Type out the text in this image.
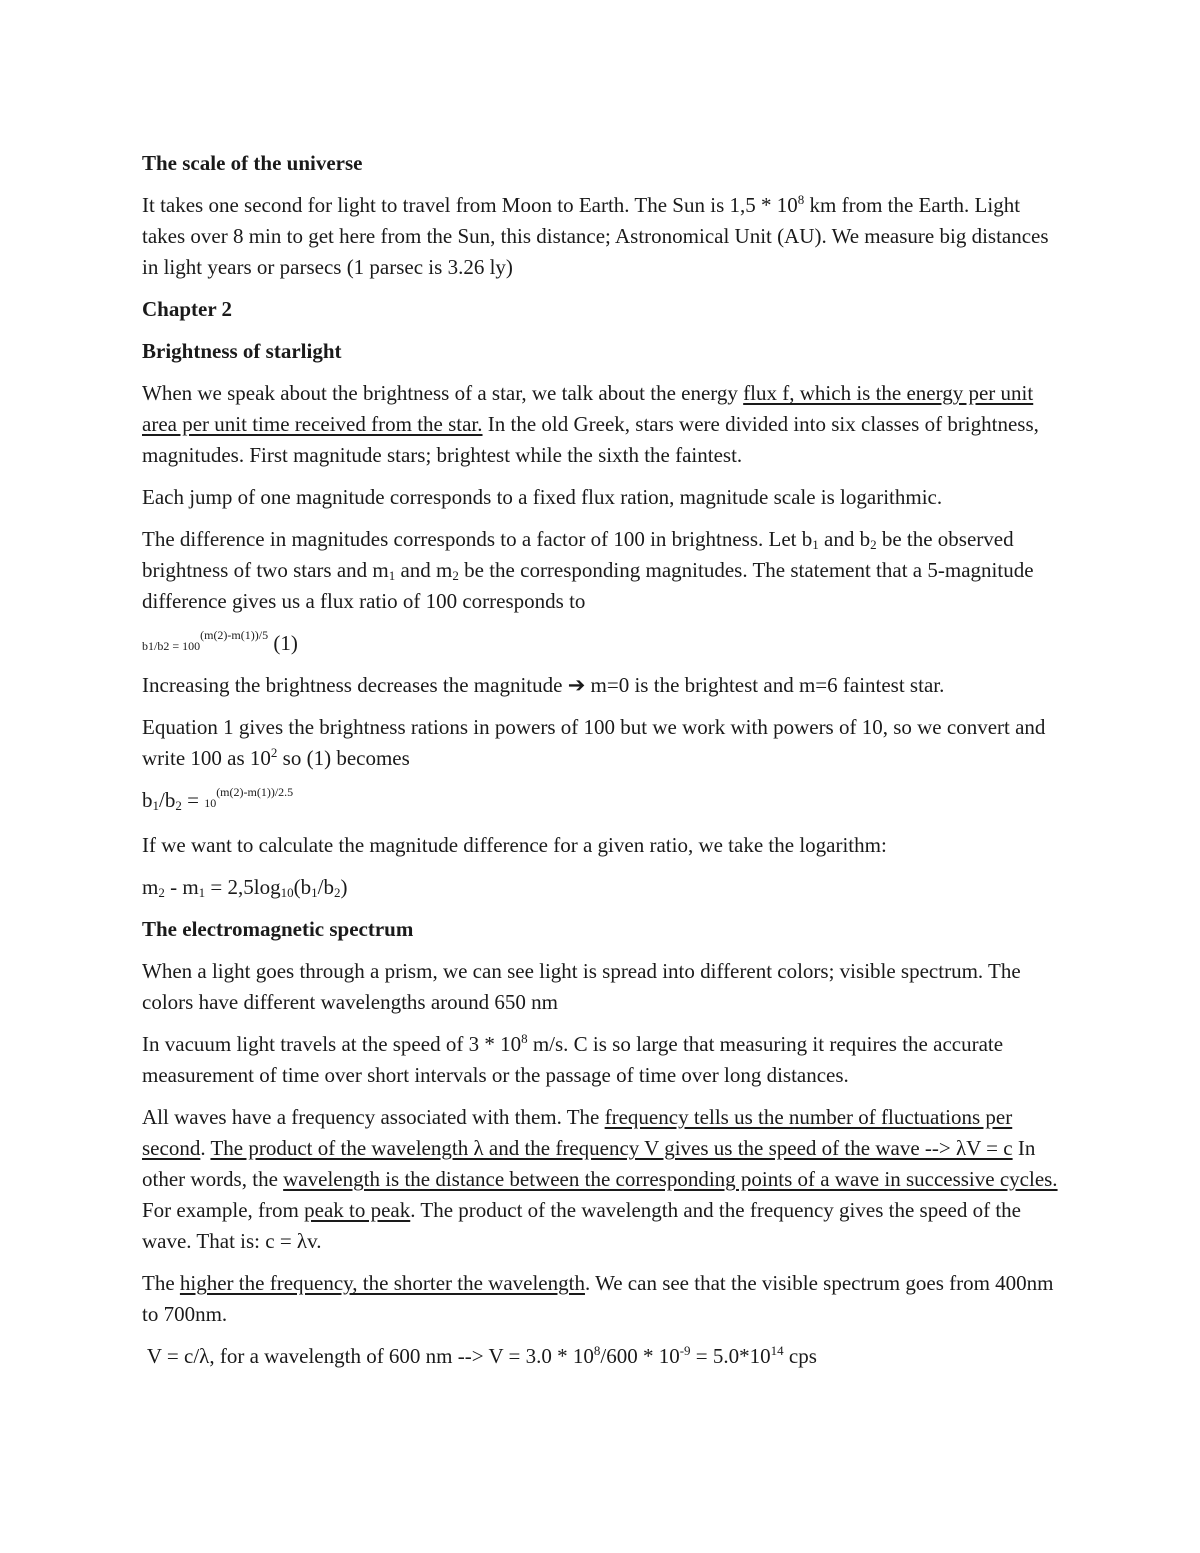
The scale of the universe

It takes one second for light to travel from Moon to Earth. The Sun is $1,5 * 10^8$ km from the Earth. Light takes over 8 min to get here from the Sun, this distance; Astronomical Unit (AU). We measure big distances in light years or parsecs (1 parsec is 3.26 ly)

Chapter 2
Brightness of starlight

When we speak about the brightness of a star, we talk about the energy flux f, which is the energy per unit area per unit time received from the star. In the old Greek, stars were divided into six classes of brightness, magnitudes. First magnitude stars; brightest while the sixth the faintest.

Each jump of one magnitude corresponds to a fixed flux ration, magnitude scale is logarithmic.

The difference in magnitudes corresponds to a factor of 100 in brightness. Let $b_1$ and $b_2$ be the observed brightness of two stars and $m_1$ and $m_2$ be the corresponding magnitudes. The statement that a 5-magnitude difference gives us a flux ratio of 100 corresponds to

$b1/b2 = 100^{(m(2)-m(1))/5}$ (1)

Increasing the brightness decreases the magnitude ➔ m=0 is the brightest and m=6 faintest star.

Equation 1 gives the brightness rations in powers of 100 but we work with powers of 10, so we convert and write 100 as $10^2$ so (1) becomes

$b_1/b_2 = 10^{(m(2)-m(1))/2.5}$

If we want to calculate the magnitude difference for a given ratio, we take the logarithm:

$m_2 - m_1 = 2,5\log_{10}(b_1/b_2)$

The electromagnetic spectrum

When a light goes through a prism, we can see light is spread into different colors; visible spectrum. The colors have different wavelengths around 650 nm

In vacuum light travels at the speed of $3 * 10^8$ m/s. C is so large that measuring it requires the accurate measurement of time over short intervals or the passage of time over long distances.

All waves have a frequency associated with them. The frequency tells us the number of fluctuations per second. The product of the wavelength λ and the frequency V gives us the speed of the wave --> λV = c In other words, the wavelength is the distance between the corresponding points of a wave in successive cycles. For example, from peak to peak. The product of the wavelength and the frequency gives the speed of the wave. That is: c = λv.

The higher the frequency, the shorter the wavelength. We can see that the visible spectrum goes from 400nm to 700nm.

V = c/λ, for a wavelength of 600 nm --> $V = 3.0 * 10^8/600 * 10^{-9} = 5.0*10^{14}$ cps
